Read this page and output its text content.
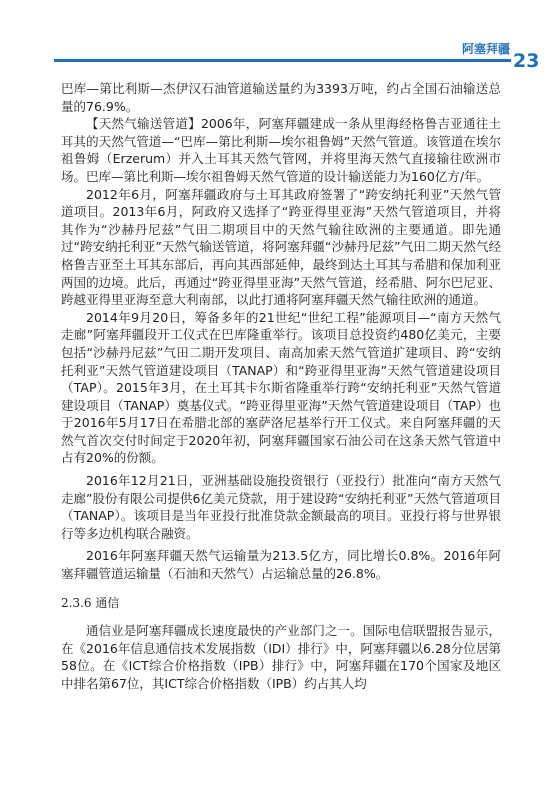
阿塞拜疆
23

巴库—第比利斯—杰伊汉石油管道输送量约为3393万吨，约占全国石油输送总量的76.9%。

【天然气输送管道】2006年，阿塞拜疆建成一条从里海经格鲁吉亚通往土耳其的天然气管道—“巴库—第比利斯—埃尔祖鲁姆”天然气管道。该管道在埃尔祖鲁姆（Erzerum）并入土耳其天然气管网，并将里海天然气直接输往欧洲市场。巴库—第比利斯—埃尔祖鲁姆天然气管道的设计输送能力为160亿方/年。

2012年6月，阿塞拜疆政府与土耳其政府签署了“跨安纳托利亚”天然气管道项目。2013年6月，阿政府又选择了“跨亚得里亚海”天然气管道项目，并将其作为“沙赫丹尼兹”气田二期项目中的天然气输往欧洲的主要通道。即先通过“跨安纳托利亚”天然气输送管道，将阿塞拜疆“沙赫丹尼兹”气田二期天然气经格鲁吉亚至土耳其东部后，再向其西部延伸，最终到达土耳其与希腊和保加利亚两国的边境。此后，再通过“跨亚得里亚海”天然气管道，经希腊、阿尔巴尼亚、跨越亚得里亚海至意大利南部，以此打通将阿塞拜疆天然气输往欧洲的通道。

2014年9月20日，筹备多年的21世纪“世纪工程”能源项目—“南方天然气走廊”阿塞拜疆段开工仪式在巴库隆重举行。该项目总投资约480亿美元，主要包括“沙赫丹尼兹”气田二期开发项目、南高加索天然气管道扩建项目、跨“安纳托利亚”天然气管道建设项目（TANAP）和“跨亚得里亚海”天然气管道建设项目（TAP）。2015年3月，在土耳其卡尔斯省隆重举行跨“安纳托利亚”天然气管道建设项目（TANAP）奠基仪式。“跨亚得里亚海”天然气管道建设项目（TAP）也于2016年5月17日在希腊北部的塞萨洛尼基举行开工仪式。来自阿塞拜疆的天然气首次交付时间定于2020年初，阿塞拜疆国家石油公司在这条天然气管道中占有20%的份额。

2016年12月21日，亚洲基础设施投资银行（亚投行）批准向“南方天然气走廊”股份有限公司提供6亿美元贷款，用于建设跨“安纳托利亚”天然气管道项目（TANAP）。该项目是当年亚投行批准贷款金额最高的项目。亚投行将与世界银行等多边机构联合融资。

2016年阿塞拜疆天然气运输量为213.5亿方，同比增长0.8%。2016年阿塞拜疆管道运输量（石油和天然气）占运输总量的26.8%。

2.3.6 通信

通信业是阿塞拜疆成长速度最快的产业部门之一。国际电信联盟报告显示，在《2016年信息通信技术发展指数（IDI）排行》中，阿塞拜疆以6.28分位居第58位。在《ICT综合价格指数（IPB）排行》中，阿塞拜疆在170个国家及地区中排名第67位，其ICT综合价格指数（IPB）约占其人均
